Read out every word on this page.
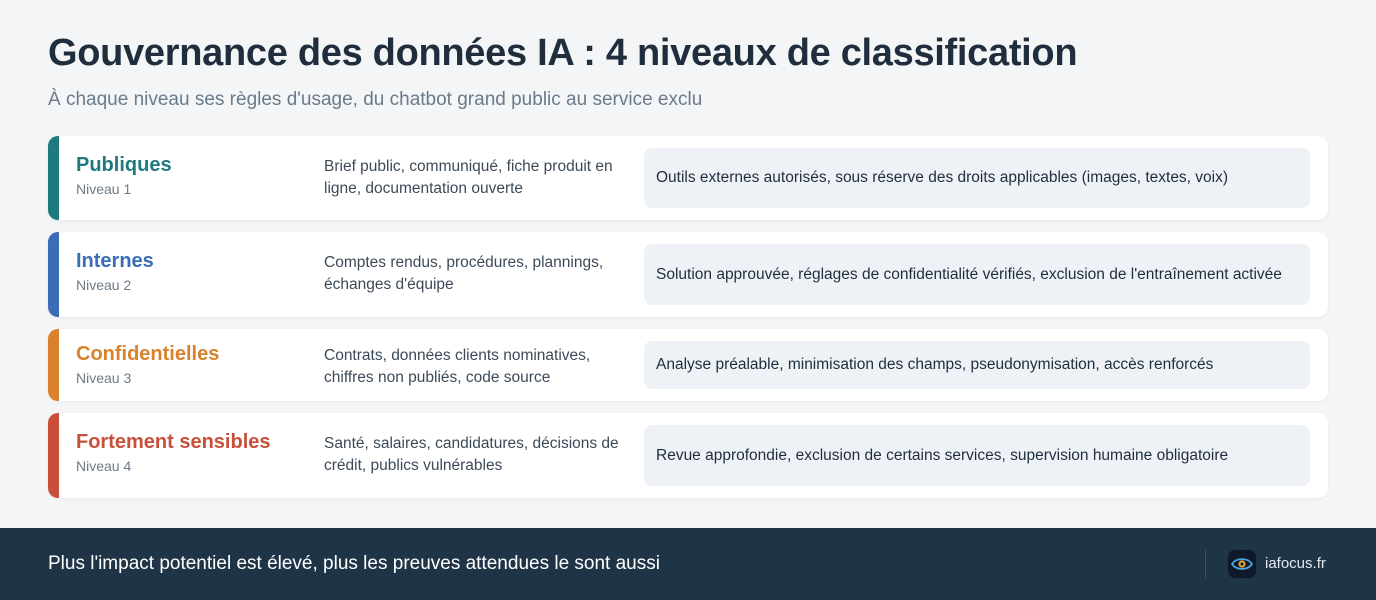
Gouvernance des données IA : 4 niveaux de classification

À chaque niveau ses règles d'usage, du chatbot grand public au service exclu

Publiques
Niveau 1
Brief public, communiqué, fiche produit en ligne, documentation ouverte
Outils externes autorisés, sous réserve des droits applicables (images, textes, voix)
Internes
Niveau 2
Comptes rendus, procédures, plannings, échanges d'équipe
Solution approuvée, réglages de confidentialité vérifiés, exclusion de l'entraînement activée
Confidentielles
Niveau 3
Contrats, données clients nominatives, chiffres non publiés, code source
Analyse préalable, minimisation des champs, pseudonymisation, accès renforcés
Fortement sensibles
Niveau 4
Santé, salaires, candidatures, décisions de crédit, publics vulnérables
Revue approfondie, exclusion de certains services, supervision humaine obligatoire
Plus l'impact potentiel est élevé, plus les preuves attendues le sont aussi	iafocus.fr
